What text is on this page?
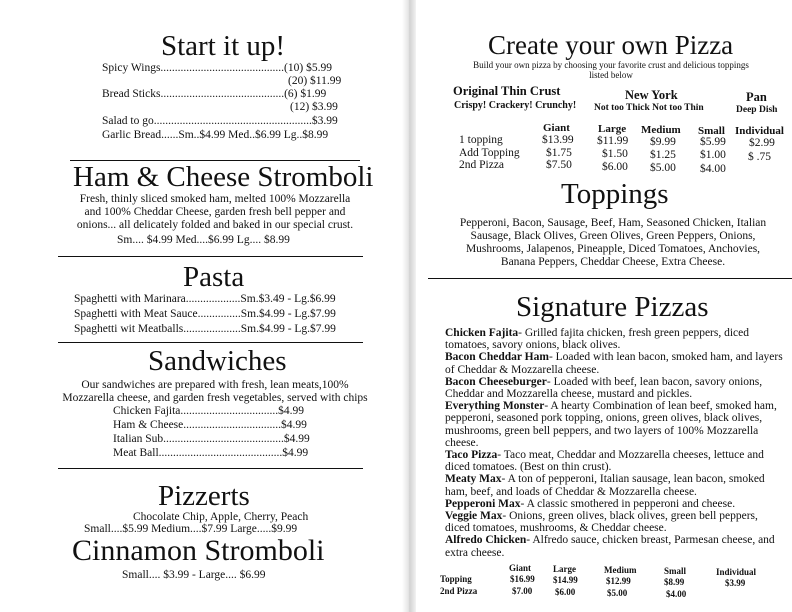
Start it up!
Spicy Wings...........................................(10) $5.99
(20) $11.99
Bread Sticks...........................................(6) $1.99
(12) $3.99
Salad to go.......................................................$3.99
Garlic Bread......Sm..$4.99 Med..$6.99 Lg..$8.99
Ham & Cheese Stromboli
Fresh, thinly sliced smoked ham, melted 100% Mozzarella
and 100% Cheddar Cheese, garden fresh bell pepper and
onions... all delicately folded and baked in our special crust.
Sm.... $4.99 Med....$6.99 Lg.... $8.99
Pasta
Spaghetti with Marinara...................Sm.$3.49 - Lg.$6.99
Spaghetti with Meat Sauce...............Sm.$4.99 - Lg.$7.99
Spaghetti wit Meatballs....................Sm.$4.99 - Lg.$7.99
Sandwiches
Our sandwiches are prepared with fresh, lean meats,100%
Mozzarella cheese, and garden fresh vegetables, served with chips
Chicken Fajita..................................$4.99
Ham & Cheese..................................$4.99
Italian Sub..........................................$4.99
Meat Ball...........................................$4.99
Pizzerts
Chocolate Chip, Apple, Cherry, Peach
Small....$5.99 Medium....$7.99 Large.....$9.99
Cinnamon Stromboli
Small.... $3.99 - Large.... $6.99
Create your own Pizza
Build your own pizza by choosing your favorite crust and delicious toppings
listed below
Original Thin Crust
Crispy! Crackery! Crunchy!
New York
Not too Thick Not too Thin
Pan
Deep Dish
Giant	Large Medium Small Individual
1 topping	$13.99 $11.99 $9.99 $5.99 $2.99
Add Topping $1.75	$1.50 $1.25 $1.00 $ .75
2nd Pizza	$7.50	$6.00 $5.00 $4.00
Toppings
Pepperoni, Bacon, Sausage, Beef, Ham, Seasoned Chicken, Italian
Sausage, Black Olives, Green Olives, Green Peppers, Onions,
Mushrooms, Jalapenos, Pineapple, Diced Tomatoes, Anchovies,
Banana Peppers, Cheddar Cheese, Extra Cheese.
Signature Pizzas
Chicken Fajita- Grilled fajita chicken, fresh green peppers, diced tomatoes, savory onions, black olives.
Bacon Cheddar Ham- Loaded with lean bacon, smoked ham, and layers of Cheddar & Mozzarella cheese.
Bacon Cheeseburger- Loaded with beef, lean bacon, savory onions, Cheddar and Mozzarella cheese, mustard and pickles.
Everything Monster- A hearty Combination of lean beef, smoked ham, pepperoni, seasoned pork topping, onions, green olives, black olives, mushrooms, green bell peppers, and two layers of 100% Mozzarella cheese.
Taco Pizza- Taco meat, Cheddar and Mozzarella cheeses, lettuce and diced tomatoes. (Best on thin crust).
Meaty Max- A ton of pepperoni, Italian sausage, lean bacon, smoked ham, beef, and loads of Cheddar & Mozzarella cheese.
Pepperoni Max- A classic smothered in pepperoni and cheese.
Veggie Max- Onions, green olives, black olives, green bell peppers, diced tomatoes, mushrooms, & Cheddar cheese.
Alfredo Chicken- Alfredo sauce, chicken breast, Parmesan cheese, and extra cheese.
Giant Large	Medium	Small	Individual
Topping	$16.99 $14.99	$12.99	$8.99	$3.99
2nd Pizza	$7.00	$6.00	$5.00	$4.00
